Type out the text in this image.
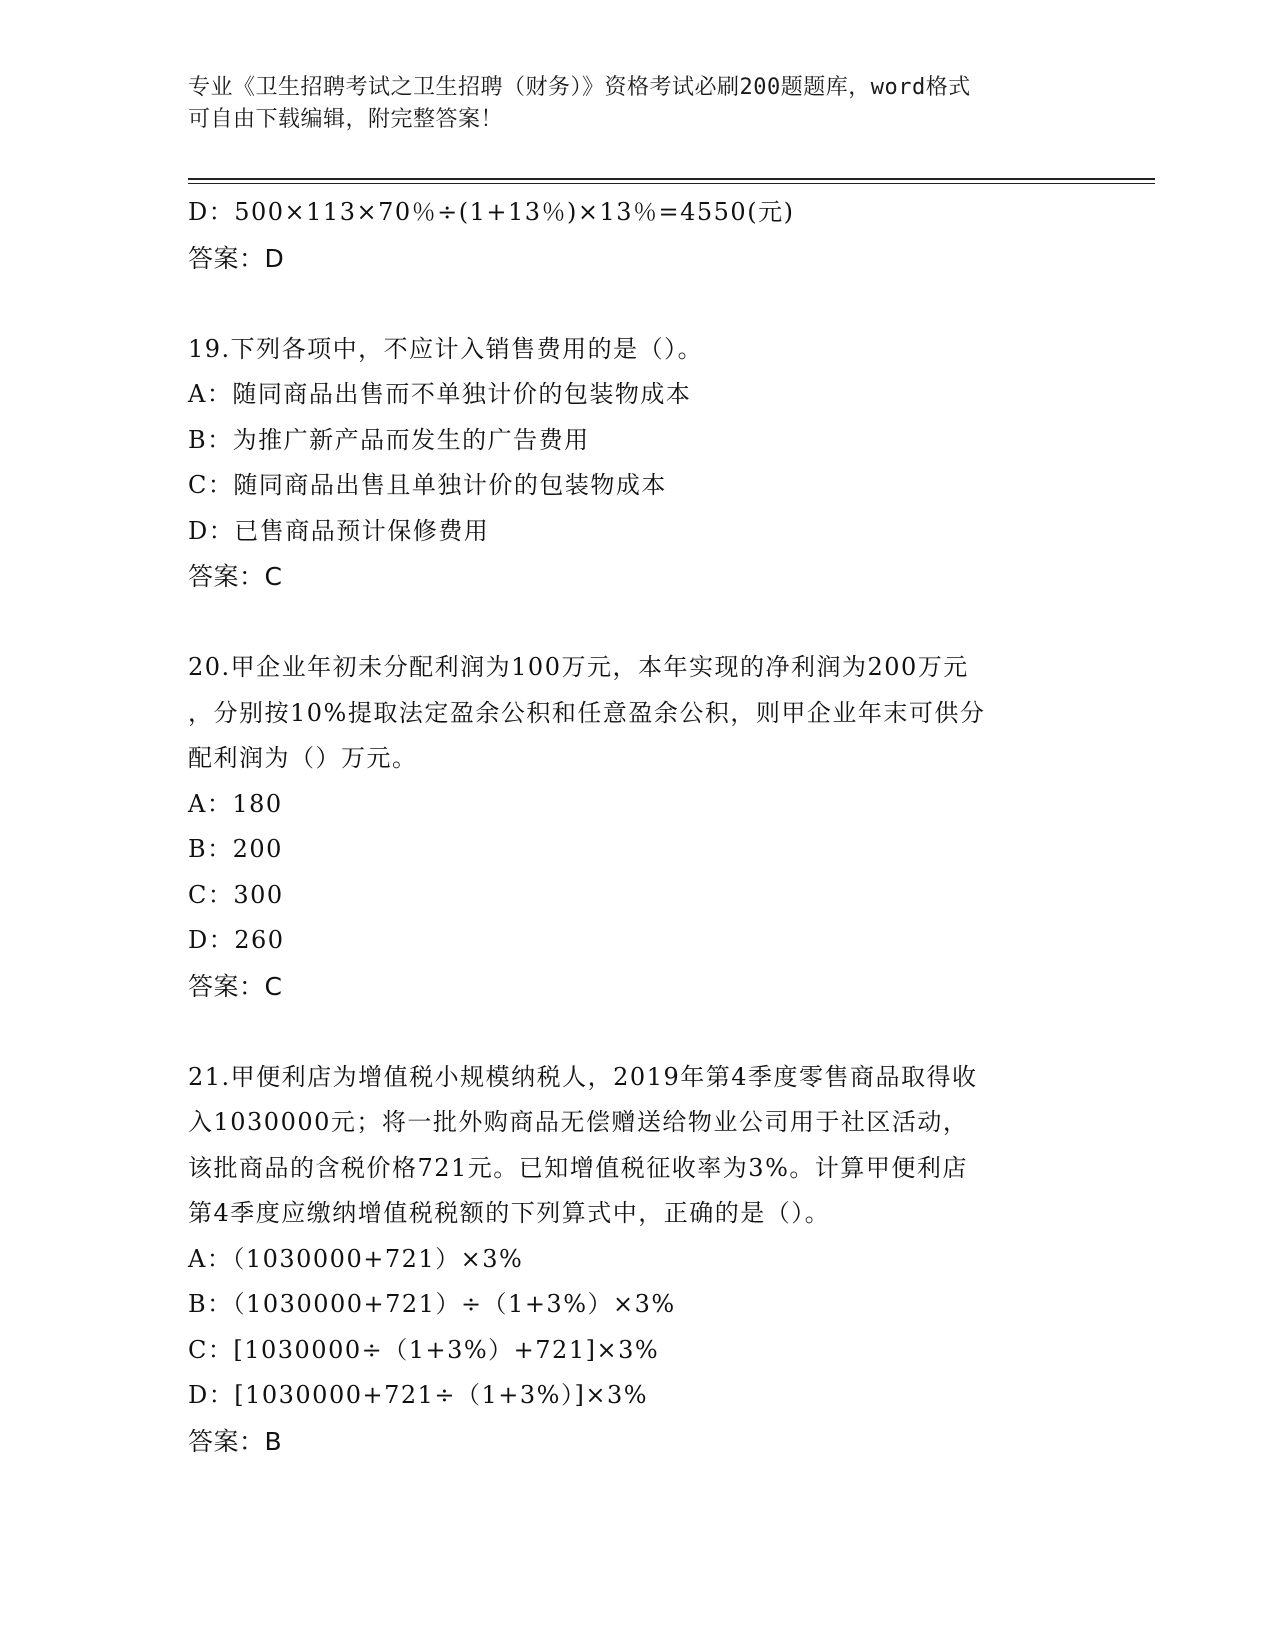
专业《卫生招聘考试之卫生招聘（财务）》资格考试必刷200题题库，word格式
可自由下载编辑，附完整答案！
D：500×113×70％÷(1+13％)×13％=4550(元)
答案：D
19.下列各项中，不应计入销售费用的是（）。
A：随同商品出售而不单独计价的包装物成本
B：为推广新产品而发生的广告费用
C：随同商品出售且单独计价的包装物成本
D：已售商品预计保修费用
答案：C
20.甲企业年初未分配利润为100万元，本年实现的净利润为200万元
，分别按10%提取法定盈余公积和任意盈余公积，则甲企业年末可供分
配利润为（）万元。
A：180
B：200
C：300
D：260
答案：C
21.甲便利店为增值税小规模纳税人，2019年第4季度零售商品取得收
入1030000元；将一批外购商品无偿赠送给物业公司用于社区活动，
该批商品的含税价格721元。已知增值税征收率为3%。计算甲便利店
第4季度应缴纳增值税税额的下列算式中，正确的是（）。
A：（1030000+721）×3%
B：（1030000+721）÷（1+3%）×3%
C：[1030000÷（1+3%）+721]×3%
D：[1030000+721÷（1+3%）]×3%
答案：B
